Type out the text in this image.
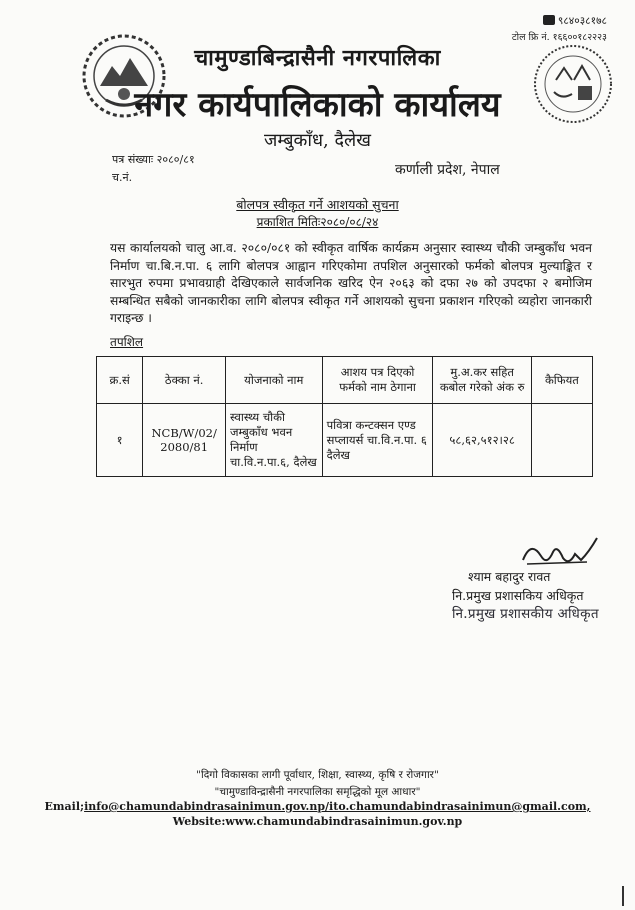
९८४०३८१७८
टोल फ्रि नं. १६६००१८२२२३
चामुण्डाबिन्द्रासैनी नगरपालिका
नगर कार्यपालिकाको कार्यालय
जम्बुकाँध, दैलेख
कर्णाली प्रदेश, नेपाल
पत्र संख्याः २०८०/८१
च.नं.
बोलपत्र स्वीकृत गर्ने आशयको सुचना
प्रकाशित मितिः२०८०/०८/२४
यस कार्यालयको चालु आ.व. २०८०/०८१ को स्वीकृत वार्षिक कार्यक्रम अनुसार स्वास्थ्य चौकी जम्बुकाँध भवन निर्माण चा.बि.न.पा. ६ लागि बोलपत्र आह्वान गरिएकोमा तपशिल अनुसारको फर्मको बोलपत्र मुल्याङ्कित र सारभुत रुपमा प्रभावग्राही देखिएकाले सार्वजनिक खरिद ऐन २०६३ को दफा २७ को उपदफा २ बमोजिम सम्बन्धित सबैको जानकारीका लागि बोलपत्र स्वीकृत गर्ने आशयको सुचना प्रकाशन गरिएको व्यहोरा जानकारी गराइन्छ ।
तपशिल
क्र.सं	ठेक्का नं.	योजनाको नाम	आशय पत्र दिएको फर्मको नाम ठेगाना	मु.अ.कर सहित कबोल गरेको अंक रु	कैफियत
१	NCB/W/02/ 2080/81	स्वास्थ्य चौकी जम्बुकाँध भवन निर्माण चा.वि.न.पा.६, दैलेख	पवित्रा कन्टक्सन एण्ड सप्लायर्स चा.वि.न.पा. ६ दैलेख	५८,६२,५१२।२८	
श्याम बहादुर रावत
नि.प्रमुख प्रशासकिय अधिकृत
नि.प्रमुख प्रशासकीय अधिकृत
"दिगो विकासका लागी पूर्वाधार, शिक्षा, स्वास्थ्य, कृषि र रोजगार"
"चामुण्डाविन्द्रासैनी नगरपालिका समृद्धिको मूल आधार"
Email;info@chamundabindrasainimun.gov.np/ito.chamundabindrasainimun@gmail.com,
Website:www.chamundabindrasainimun.gov.np
